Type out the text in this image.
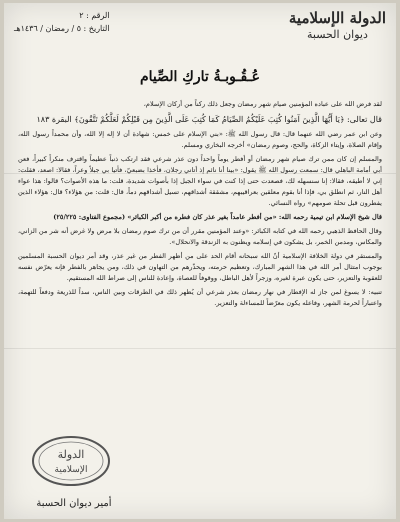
الرقم : ٢
التاريخ : ٥ / رمضان / ١٤٣٦هـ
الدولة الإسلامية
ديوان الحسبة
عُـقُـوبـةُ تاركِ الصِّيام

لقد فرض الله على عباده المؤمنين صيام شهر رمضان وجعل ذلك ركناً من أركان الإسلام،

قال تعالى: ﴿يَا أَيُّهَا الَّذِينَ آمَنُوا كُتِبَ عَلَيْكُمُ الصِّيَامُ كَمَا كُتِبَ عَلَى الَّذِينَ مِن قَبْلِكُمْ لَعَلَّكُمْ تَتَّقُونَ﴾ البقرة ١٨٣

وعن ابن عمر رضي الله عنهما قال: قال رسول الله ﷺ: «بني الإسلام على خمس: شهادة أن لا إله إلا الله، وأن محمداً رسول الله، وإقام الصلاة، وإيتاء الزكاة، والحج، وصوم رمضان» أخرجه البخاري ومسلم.

والمسلم إن كان ممن ترك صيام شهر رمضان أو أفطر يوماً واحداً دون عذر شرعي فقد ارتكب ذنباً عظيماً واقترف منكراً كبيراً، فعن أبي أمامة الباهلي قال: سمعت رسول الله ﷺ يقول: «بينا أنا نائم إذ أتاني رجلان، فأخذا بضبعيّ، فأتيا بي جبلاً وعراً، فقالا: اصعد، فقلت: إني لا أطيقه، فقالا: إنا سنسهله لك، فصعدت حتى إذا كنت في سواء الجبل إذا بأصوات شديدة، قلت: ما هذه الأصوات؟ قالوا: هذا عواء أهل النار، ثم انطلق بي، فإذا أنا بقوم معلقين بعراقيبهم، مشققة أشداقهم، تسيل أشداقهم دماً، قال: قلت: من هؤلاء؟ قال: هؤلاء الذين يفطرون قبل تحلة صومهم» رواه النسائي.

قال شيخ الإسلام ابن تيمية رحمه الله: «من أفطر عامداً بغير عذر كان فطره من أكبر الكبائر» (مجموع الفتاوى: ٢٥/٢٢٥)

وقال الحافظ الذهبي رحمه الله في كتابه الكبائر: «وعند المؤمنين مقرر أن من ترك صوم رمضان بلا مرض ولا غرض أنه شر من الزاني، والمكاس، ومدمن الخمر، بل يشكون في إسلامه ويظنون به الزندقة والانحلال».

والمستقر في دولة الخلافة الإسلامية أنّ الله سبحانه أقام الحد على من أظهر الفطر من غير عذر، وقد أمر ديوان الحسبة المسلمين بوجوب امتثال أمر الله في هذا الشهر المبارك، وتعظيم حرمته، ويحذّرهم من التهاون في ذلك، ومن يجاهر بالفطر فإنه يعرّض نفسه للعقوبة والتعزير، حتى يكون عبرة لغيره، وزجراً لأهل الباطل، ووقوفاً للعصاة، وإعادة للناس إلى صراط الله المستقيم.

تنبيه: لا يسوغ لمن جاز له الإفطار في نهار رمضان بعذر شرعي أن يُظهر ذلك في الطرقات وبين الناس، سداً للذريعة ودفعاً للتهمة، واعتباراً لحرمة الشهر، وفاعله يكون معرّضاً للمساءلة والتعزير.

الدولة
الإسلامية
أمير ديوان الحسبة
